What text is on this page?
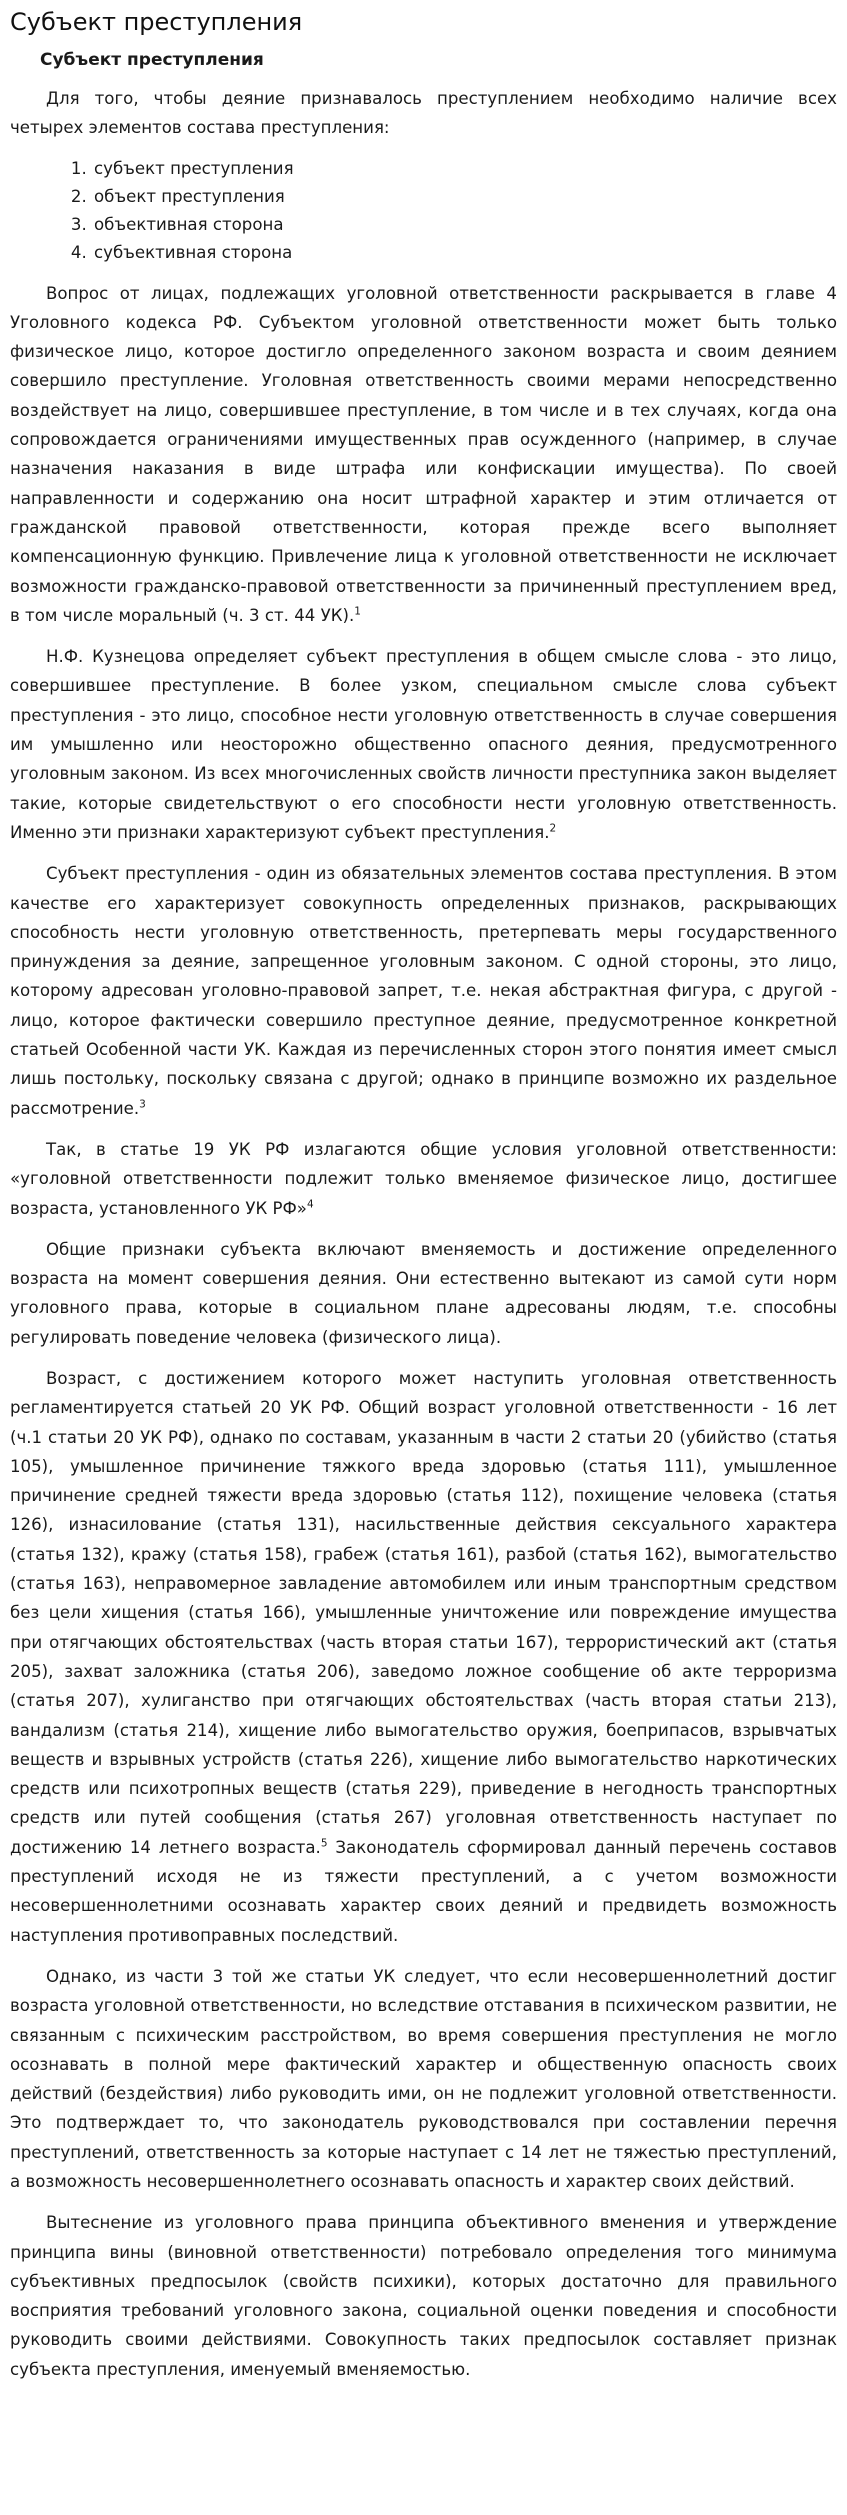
Субъект преступления
Субъект преступления

Для того, чтобы деяние признавалось преступлением необходимо наличие всех четырех элементов состава преступления:

1. субъект преступления
2. объект преступления
3. объективная сторона
4. субъективная сторона

Вопрос от лицах, подлежащих уголовной ответственности раскрывается в главе 4 Уголовного кодекса РФ. Субъектом уголовной ответственности может быть только физическое лицо, которое достигло определенного законом возраста и своим деянием совершило преступление. Уголовная ответственность своими мерами непосредственно воздействует на лицо, совершившее преступление, в том числе и в тех случаях, когда она сопровождается ограничениями имущественных прав осужденного (например, в случае назначения наказания в виде штрафа или конфискации имущества). По своей направленности и содержанию она носит штрафной характер и этим отличается от гражданской правовой ответственности, которая прежде всего выполняет компенсационную функцию. Привлечение лица к уголовной ответственности не исключает возможности гражданско-правовой ответственности за причиненный преступлением вред, в том числе моральный (ч. 3 ст. 44 УК).$^1$

Н.Ф. Кузнецова определяет субъект преступления в общем смысле слова - это лицо, совершившее преступление. В более узком, специальном смысле слова субъект преступления - это лицо, способное нести уголовную ответственность в случае совершения им умышленно или неосторожно общественно опасного деяния, предусмотренного уголовным законом. Из всех многочисленных свойств личности преступника закон выделяет такие, которые свидетельствуют о его способности нести уголовную ответственность. Именно эти признаки характеризуют субъект преступления.$^2$

Субъект преступления - один из обязательных элементов состава преступления. В этом качестве его характеризует совокупность определенных признаков, раскрывающих способность нести уголовную ответственность, претерпевать меры государственного принуждения за деяние, запрещенное уголовным законом. С одной стороны, это лицо, которому адресован уголовно-правовой запрет, т.е. некая абстрактная фигура, с другой - лицо, которое фактически совершило преступное деяние, предусмотренное конкретной статьей Особенной части УК. Каждая из перечисленных сторон этого понятия имеет смысл лишь постольку, поскольку связана с другой; однако в принципе возможно их раздельное рассмотрение.$^3$

Так, в статье 19 УК РФ излагаются общие условия уголовной ответственности: «уголовной ответственности подлежит только вменяемое физическое лицо, достигшее возраста, установленного УК РФ»$^4$

Общие признаки субъекта включают вменяемость и достижение определенного возраста на момент совершения деяния. Они естественно вытекают из самой сути норм уголовного права, которые в социальном плане адресованы людям, т.е. способны регулировать поведение человека (физического лица).

Возраст, с достижением которого может наступить уголовная ответственность регламентируется статьей 20 УК РФ. Общий возраст уголовной ответственности - 16 лет (ч.1 статьи 20 УК РФ), однако по составам, указанным в части 2 статьи 20 (убийство (статья 105), умышленное причинение тяжкого вреда здоровью (статья 111), умышленное причинение средней тяжести вреда здоровью (статья 112), похищение человека (статья 126), изнасилование (статья 131), насильственные действия сексуального характера (статья 132), кражу (статья 158), грабеж (статья 161), разбой (статья 162), вымогательство (статья 163), неправомерное завладение автомобилем или иным транспортным средством без цели хищения (статья 166), умышленные уничтожение или повреждение имущества при отягчающих обстоятельствах (часть вторая статьи 167), террористический акт (статья 205), захват заложника (статья 206), заведомо ложное сообщение об акте терроризма (статья 207), хулиганство при отягчающих обстоятельствах (часть вторая статьи 213), вандализм (статья 214), хищение либо вымогательство оружия, боеприпасов, взрывчатых веществ и взрывных устройств (статья 226), хищение либо вымогательство наркотических средств или психотропных веществ (статья 229), приведение в негодность транспортных средств или путей сообщения (статья 267) уголовная ответственность наступает по достижению 14 летнего возраста.$^5$ Законодатель сформировал данный перечень составов преступлений исходя не из тяжести преступлений, а с учетом возможности несовершеннолетними осознавать характер своих деяний и предвидеть возможность наступления противоправных последствий.

Однако, из части 3 той же статьи УК следует, что если несовершеннолетний достиг возраста уголовной ответственности, но вследствие отставания в психическом развитии, не связанным с психическим расстройством, во время совершения преступления не могло осознавать в полной мере фактический характер и общественную опасность своих действий (бездействия) либо руководить ими, он не подлежит уголовной ответственности. Это подтверждает то, что законодатель руководствовался при составлении перечня преступлений, ответственность за которые наступает с 14 лет не тяжестью преступлений, а возможность несовершеннолетнего осознавать опасность и характер своих действий.

Вытеснение из уголовного права принципа объективного вменения и утверждение принципа вины (виновной ответственности) потребовало определения того минимума субъективных предпосылок (свойств психики), которых достаточно для правильного восприятия требований уголовного закона, социальной оценки поведения и способности руководить своими действиями. Совокупность таких предпосылок составляет признак субъекта преступления, именуемый вменяемостью.
